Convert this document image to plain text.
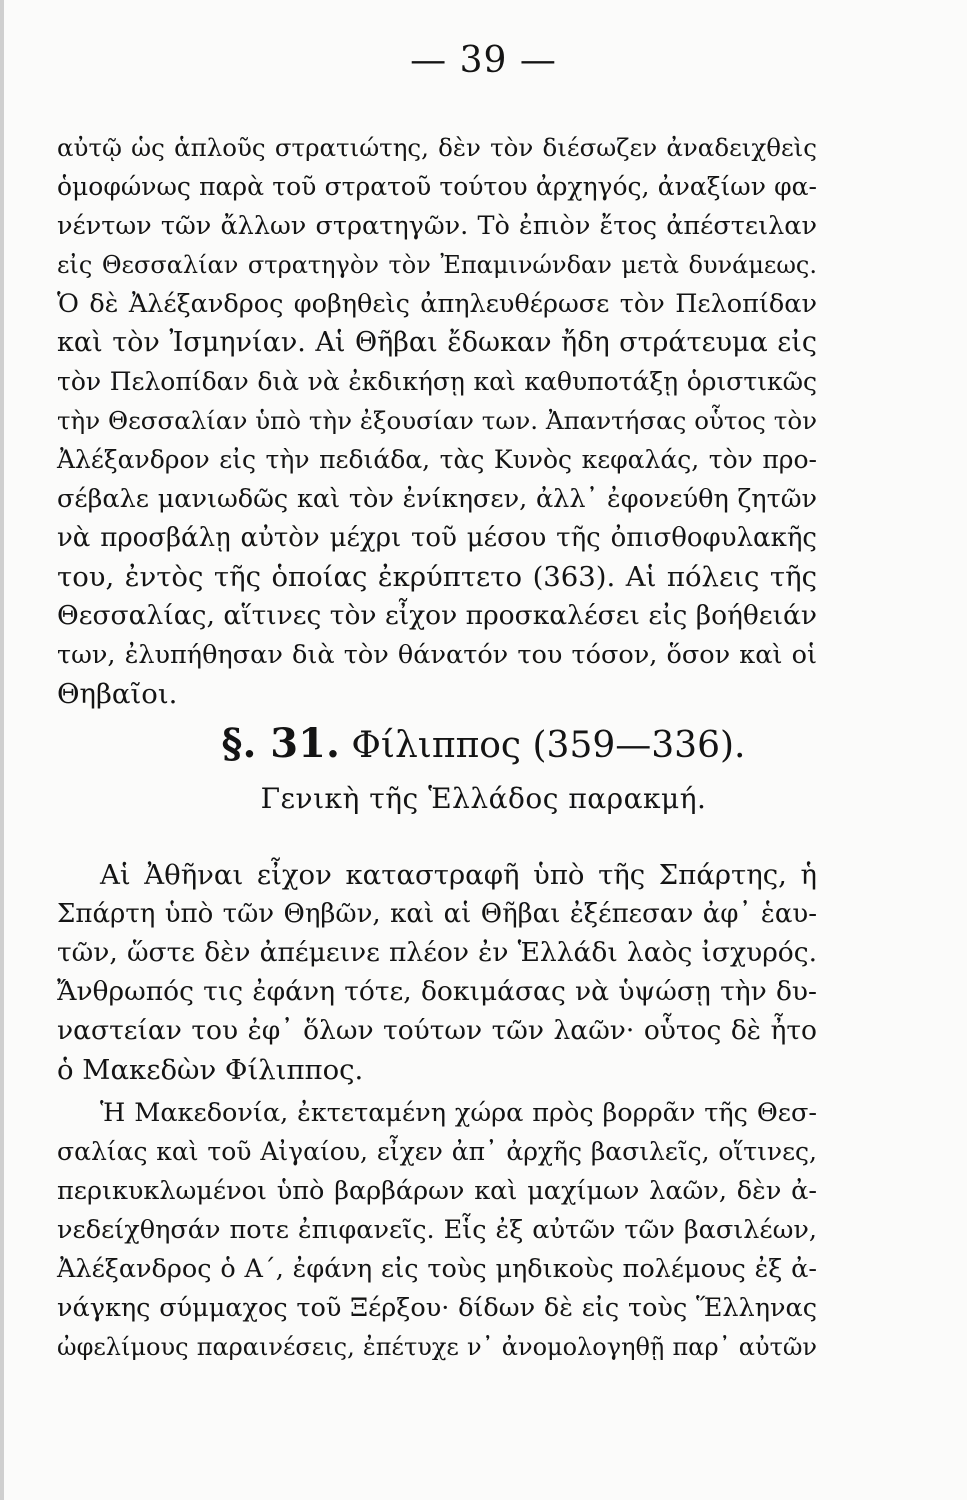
— 39 —
αὐτῷ ὡς ἁπλοῦς στρατιώτης, δὲν τὸν διέσωζεν ἀναδειχθεὶς
ὁμοφώνως παρὰ τοῦ στρατοῦ τούτου ἀρχηγός, ἀναξίων φα-
νέντων τῶν ἄλλων στρατηγῶν. Τὸ ἐπιὸν ἔτος ἀπέστειλαν
εἰς Θεσσαλίαν στρατηγὸν τὸν Ἐπαμινώνδαν μετὰ δυνάμεως.
Ὁ δὲ Ἀλέξανδρος φοβηθεὶς ἀπηλευθέρωσε τὸν Πελοπίδαν
καὶ τὸν Ἰσμηνίαν. Αἱ Θῆβαι ἔδωκαν ἤδη στράτευμα εἰς
τὸν Πελοπίδαν διὰ νὰ ἐκδικήσῃ καὶ καθυποτάξῃ ὁριστικῶς
τὴν Θεσσαλίαν ὑπὸ τὴν ἐξουσίαν των. Ἀπαντήσας οὗτος τὸν
Ἀλέξανδρον εἰς τὴν πεδιάδα, τὰς Κυνὸς κεφαλάς, τὸν προ-
σέβαλε μανιωδῶς καὶ τὸν ἐνίκησεν, ἀλλ᾽ ἐφονεύθη ζητῶν
νὰ προσβάλῃ αὐτὸν μέχρι τοῦ μέσου τῆς ὀπισθοφυλακῆς
του, ἐντὸς τῆς ὁποίας ἐκρύπτετο (363). Αἱ πόλεις τῆς
Θεσσαλίας, αἵτινες τὸν εἶχον προσκαλέσει εἰς βοήθειάν
των, ἐλυπήθησαν διὰ τὸν θάνατόν του τόσον, ὅσον καὶ οἱ
Θηβαῖοι.
§. 31. Φίλιππος (359—336).
Γενικὴ τῆς Ἑλλάδος παρακμή.
Αἱ Ἀθῆναι εἶχον καταστραφῆ ὑπὸ τῆς Σπάρτης, ἡ
Σπάρτη ὑπὸ τῶν Θηβῶν, καὶ αἱ Θῆβαι ἐξέπεσαν ἀφ᾽ ἑαυ-
τῶν, ὥστε δὲν ἀπέμεινε πλέον ἐν Ἑλλάδι λαὸς ἰσχυρός.
Ἄνθρωπός τις ἐφάνη τότε, δοκιμάσας νὰ ὑψώσῃ τὴν δυ-
ναστείαν του ἐφ᾽ ὅλων τούτων τῶν λαῶν· οὗτος δὲ ἦτο
ὁ Μακεδὼν Φίλιππος.
Ἡ Μακεδονία, ἐκτεταμένη χώρα πρὸς βορρᾶν τῆς Θεσ-
σαλίας καὶ τοῦ Αἰγαίου, εἶχεν ἀπ᾽ ἀρχῆς βασιλεῖς, οἵτινες,
περικυκλωμένοι ὑπὸ βαρβάρων καὶ μαχίμων λαῶν, δὲν ἀ-
νεδείχθησάν ποτε ἐπιφανεῖς. Εἷς ἐξ αὐτῶν τῶν βασιλέων,
Ἀλέξανδρος ὁ Α΄, ἐφάνη εἰς τοὺς μηδικοὺς πολέμους ἐξ ἀ-
νάγκης σύμμαχος τοῦ Ξέρξου· δίδων δὲ εἰς τοὺς Ἕλληνας
ὠφελίμους παραινέσεις, ἐπέτυχε ν᾽ ἀνομολογηθῇ παρ᾽ αὐτῶν
